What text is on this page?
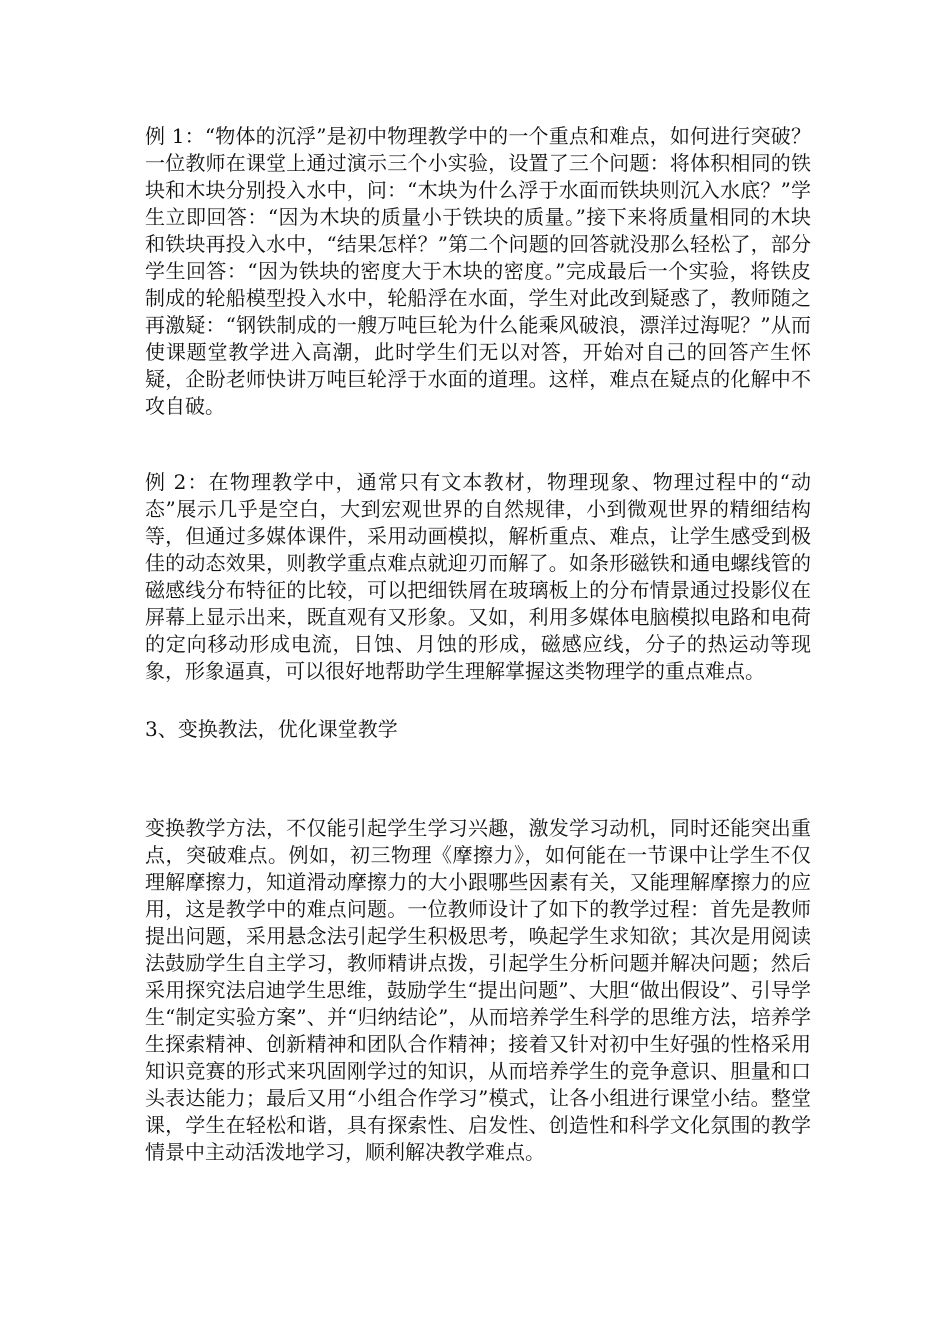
例 1：“物体的沉浮”是初中物理教学中的一个重点和难点，如何进行突破？一位教师在课堂上通过演示三个小实验，设置了三个问题：将体积相同的铁块和木块分别投入水中，问：“木块为什么浮于水面而铁块则沉入水底？”学生立即回答：“因为木块的质量小于铁块的质量。”接下来将质量相同的木块和铁块再投入水中，“结果怎样？”第二个问题的回答就没那么轻松了，部分学生回答：“因为铁块的密度大于木块的密度。”完成最后一个实验，将铁皮制成的轮船模型投入水中，轮船浮在水面，学生对此改到疑惑了，教师随之再激疑：“钢铁制成的一艘万吨巨轮为什么能乘风破浪，漂洋过海呢？”从而使课题堂教学进入高潮，此时学生们无以对答，开始对自己的回答产生怀疑，企盼老师快讲万吨巨轮浮于水面的道理。这样，难点在疑点的化解中不攻自破。

例 2：在物理教学中，通常只有文本教材，物理现象、物理过程中的“动态”展示几乎是空白，大到宏观世界的自然规律，小到微观世界的精细结构等，但通过多媒体课件，采用动画模拟，解析重点、难点，让学生感受到极佳的动态效果，则教学重点难点就迎刃而解了。如条形磁铁和通电螺线管的磁感线分布特征的比较，可以把细铁屑在玻璃板上的分布情景通过投影仪在屏幕上显示出来，既直观有又形象。又如，利用多媒体电脑模拟电路和电荷的定向移动形成电流，日蚀、月蚀的形成，磁感应线，分子的热运动等现象，形象逼真，可以很好地帮助学生理解掌握这类物理学的重点难点。

3、变换教法，优化课堂教学

变换教学方法，不仅能引起学生学习兴趣，激发学习动机，同时还能突出重点，突破难点。例如，初三物理《摩擦力》，如何能在一节课中让学生不仅理解摩擦力，知道滑动摩擦力的大小跟哪些因素有关，又能理解摩擦力的应用，这是教学中的难点问题。一位教师设计了如下的教学过程：首先是教师提出问题，采用悬念法引起学生积极思考，唤起学生求知欲；其次是用阅读法鼓励学生自主学习，教师精讲点拨，引起学生分析问题并解决问题；然后采用探究法启迪学生思维，鼓励学生“提出问题”、大胆“做出假设”、引导学生“制定实验方案”、并“归纳结论”，从而培养学生科学的思维方法，培养学生探索精神、创新精神和团队合作精神；接着又针对初中生好强的性格采用知识竞赛的形式来巩固刚学过的知识，从而培养学生的竞争意识、胆量和口头表达能力；最后又用“小组合作学习”模式，让各小组进行课堂小结。整堂课，学生在轻松和谐，具有探索性、启发性、创造性和科学文化氛围的教学情景中主动活泼地学习，顺利解决教学难点。
